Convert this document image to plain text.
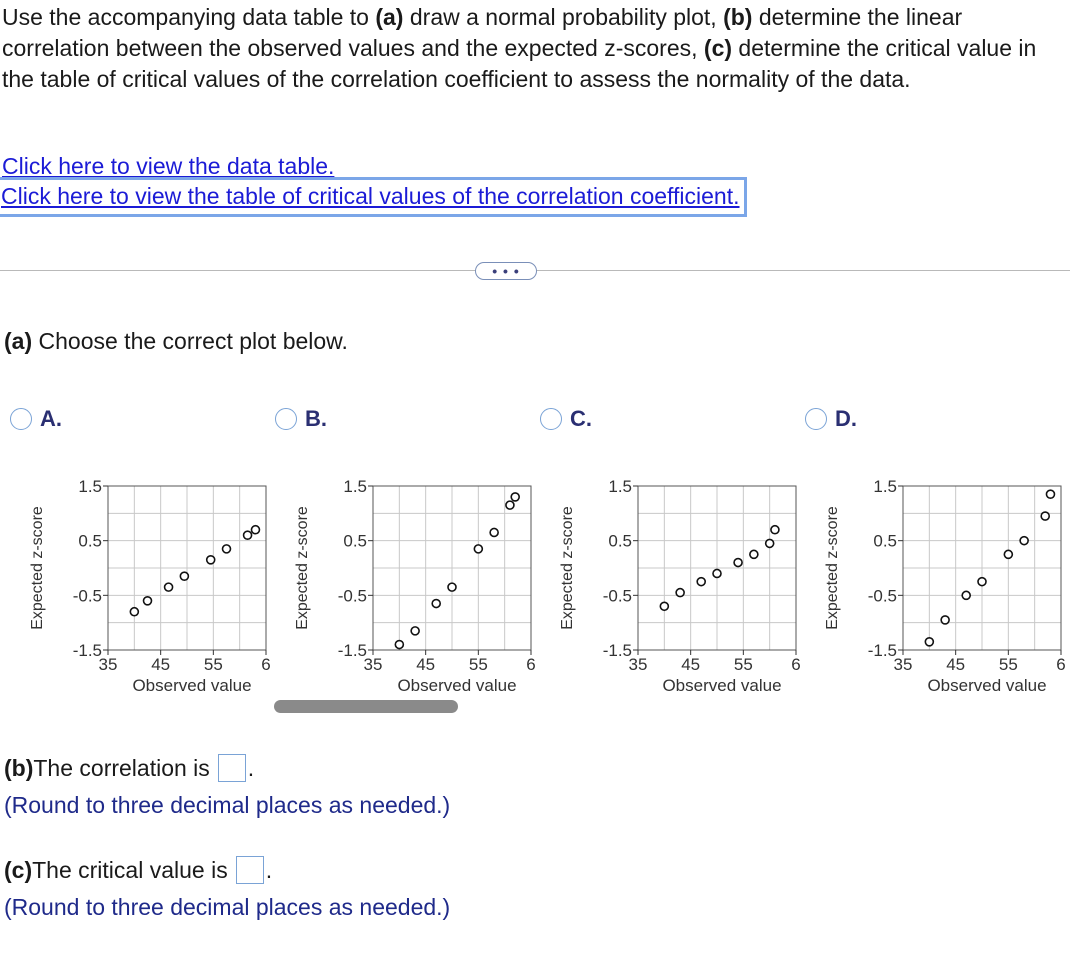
Use the accompanying data table to (a) draw a normal probability plot, (b) determine the linear correlation between the observed values and the expected z-scores, (c) determine the critical value in the table of critical values of the correlation coefficient to assess the normality of the data.
Click here to view the data table.
Click here to view the table of critical values of the correlation coefficient.
• • •
(a) Choose the correct plot below.
A.	B.	C.	D.
1.5
0.5
-0.5
-1.5
35 45 55 6
Observed value
Expected z-score
1.5
0.5
-0.5
-1.5
35 45 55 6
Observed value
Expected z-score
1.5
0.5
-0.5
-1.5
35 45 55 6
Observed value
Expected z-score
1.5
0.5
-0.5
-1.5
35 45 55 6
Observed value
Expected z-score
(b) The correlation is .
(Round to three decimal places as needed.)
(c) The critical value is .
(Round to three decimal places as needed.)
